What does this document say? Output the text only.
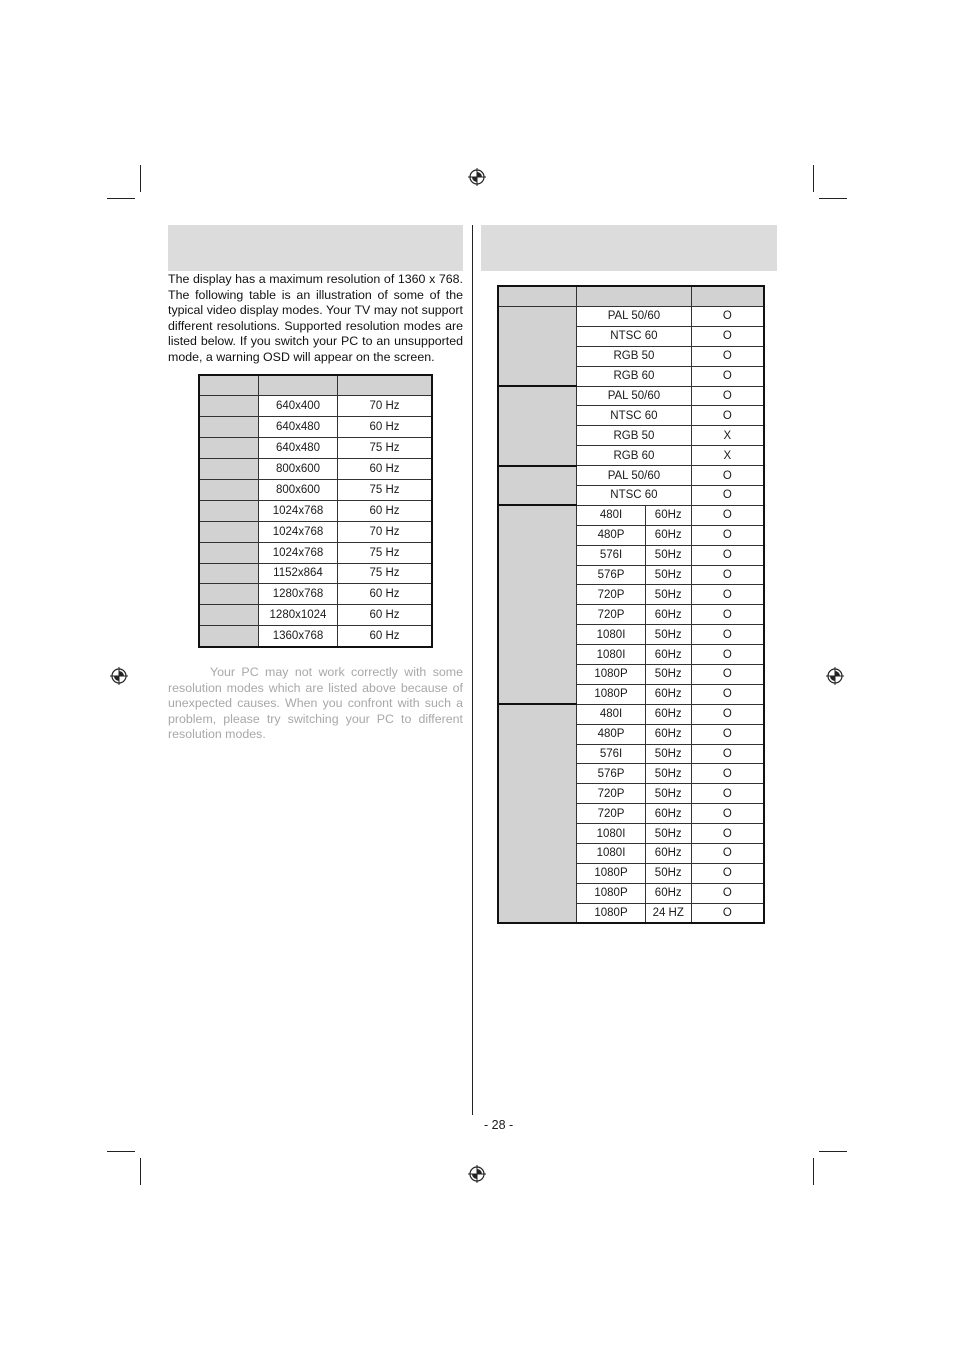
The display has a maximum resolution of 1360 x 768. The following table is an illustration of some of the typical video display modes. Your TV may not support different resolutions. Supported resolution modes are listed below. If you switch your PC to an unsupported mode, a warning OSD will appear on the screen.

	640x400	70 Hz
	640x480	60 Hz
	640x480	75 Hz
	800x600	60 Hz
	800x600	75 Hz
	1024x768	60 Hz
	1024x768	70 Hz
	1024x768	75 Hz
	1152x864	75 Hz
	1280x768	60 Hz
	1280x1024	60 Hz
	1360x768	60 Hz
Your PC may not work correctly with some resolution modes which are listed above because of unexpected causes. When you confront with such a problem, please try switching your PC to different resolution modes.

	PAL 50/60		O
	NTSC 60		O
	RGB 50		O
	RGB 60		O
	PAL 50/60		O
	NTSC 60		O
	RGB 50		X
	RGB 60		X
	PAL 50/60		O
	NTSC 60		O
	480I	60Hz	O
	480P	60Hz	O
	576I	50Hz	O
	576P	50Hz	O
	720P	50Hz	O
	720P	60Hz	O
	1080I	50Hz	O
	1080I	60Hz	O
	1080P	50Hz	O
	1080P	60Hz	O
	480I	60Hz	O
	480P	60Hz	O
	576I	50Hz	O
	576P	50Hz	O
	720P	50Hz	O
	720P	60Hz	O
	1080I	50Hz	O
	1080I	60Hz	O
	1080P	50Hz	O
	1080P	60Hz	O
	1080P	24 HZ	O
- 28 -
